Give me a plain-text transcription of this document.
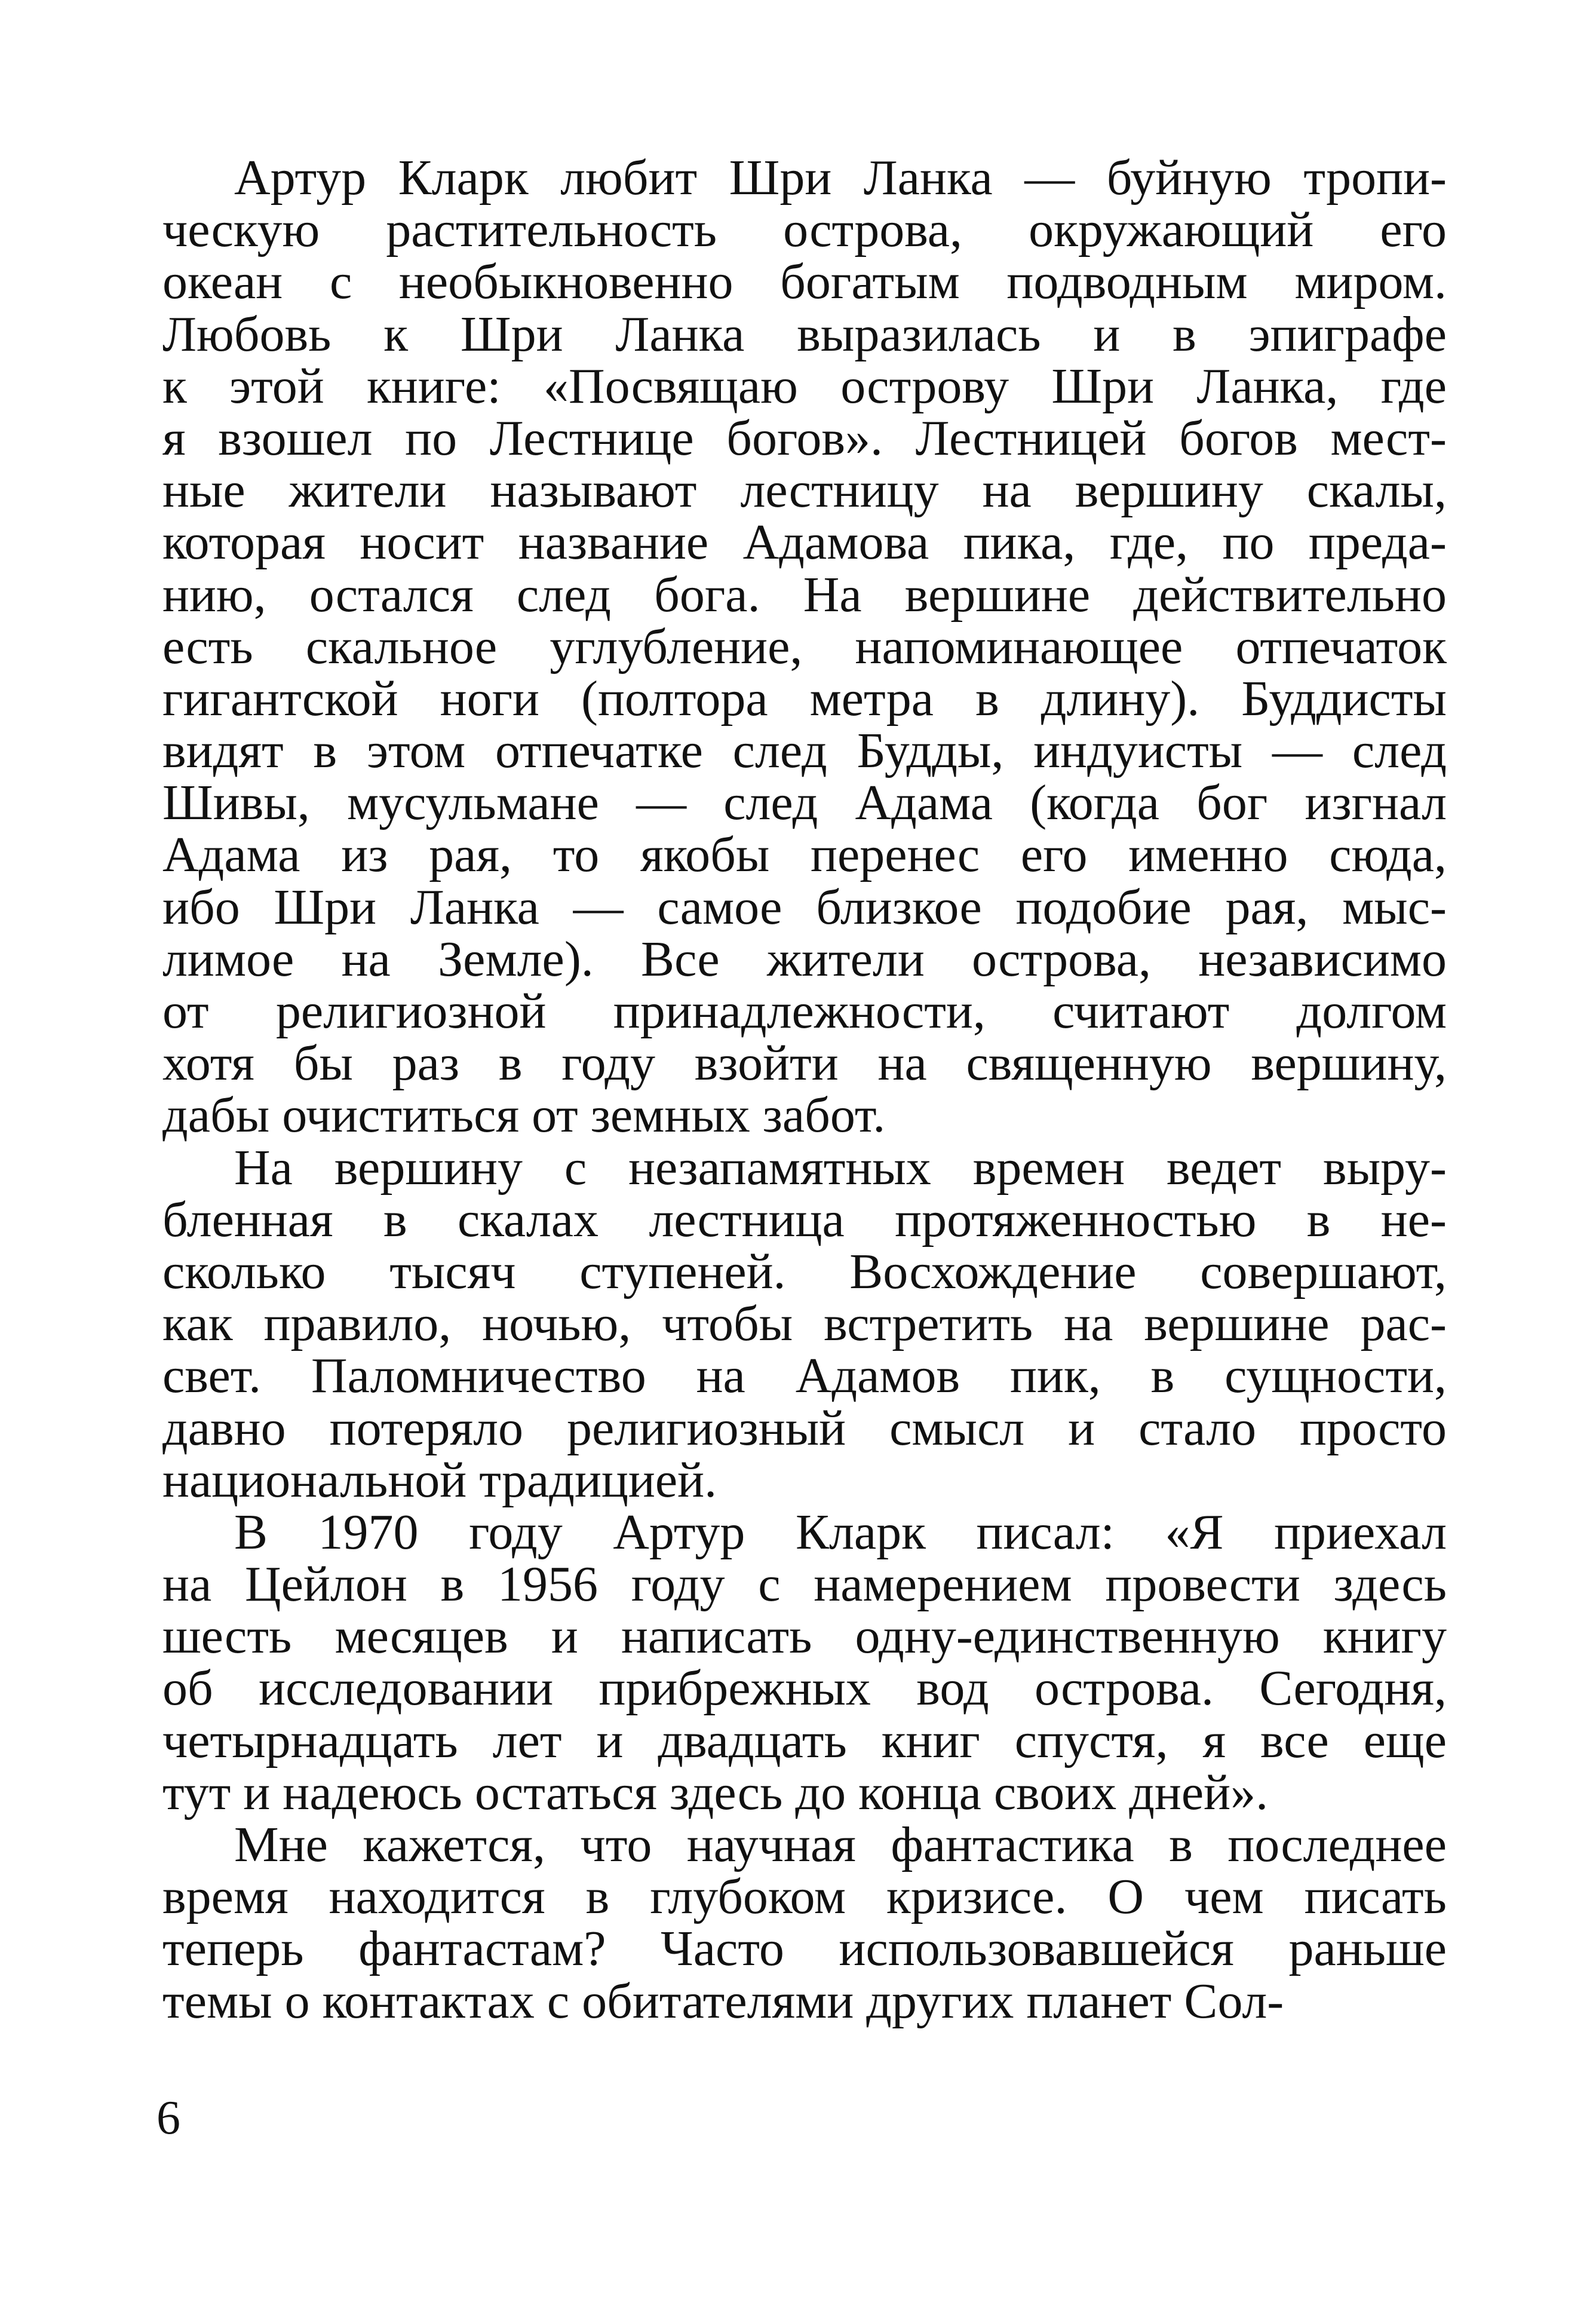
Артур Кларк любит Шри Ланка — буйную тропи-
ческую растительность острова, окружающий его
океан с необыкновенно богатым подводным миром.
Любовь к Шри Ланка выразилась и в эпиграфе
к этой книге: «Посвящаю острову Шри Ланка, где
я взошел по Лестнице богов». Лестницей богов мест-
ные жители называют лестницу на вершину скалы,
которая носит название Адамова пика, где, по преда-
нию, остался след бога. На вершине действительно
есть скальное углубление, напоминающее отпечаток
гигантской ноги (полтора метра в длину). Буддисты
видят в этом отпечатке след Будды, индуисты — след
Шивы, мусульмане — след Адама (когда бог изгнал
Адама из рая, то якобы перенес его именно сюда,
ибо Шри Ланка — самое близкое подобие рая, мыс-
лимое на Земле). Все жители острова, независимо
от религиозной принадлежности, считают долгом
хотя бы раз в году взойти на священную вершину,
дабы очиститься от земных забот.
На вершину с незапамятных времен ведет выру-
бленная в скалах лестница протяженностью в не-
сколько тысяч ступеней. Восхождение совершают,
как правило, ночью, чтобы встретить на вершине рас-
свет. Паломничество на Адамов пик, в сущности,
давно потеряло религиозный смысл и стало просто
национальной традицией.
В 1970 году Артур Кларк писал: «Я приехал
на Цейлон в 1956 году с намерением провести здесь
шесть месяцев и написать одну-единственную книгу
об исследовании прибрежных вод острова. Сегодня,
четырнадцать лет и двадцать книг спустя, я все еще
тут и надеюсь остаться здесь до конца своих дней».
Мне кажется, что научная фантастика в последнее
время находится в глубоком кризисе. О чем писать
теперь фантастам? Часто использовавшейся раньше
темы о контактах с обитателями других планет Сол-
6
